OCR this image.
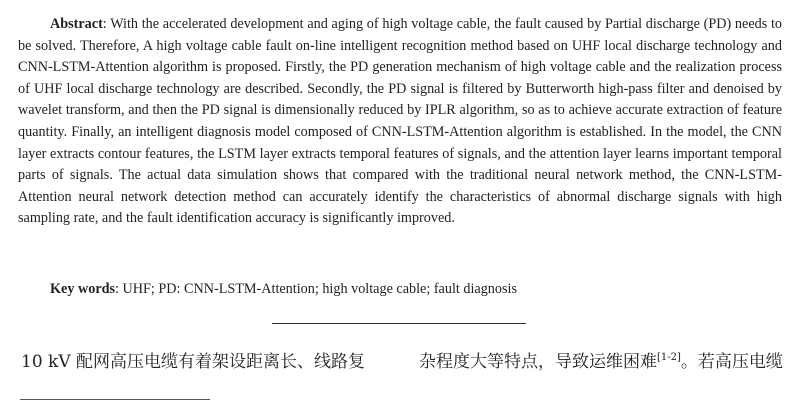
Abstract: With the accelerated development and aging of high voltage cable, the fault caused by Partial discharge (PD) needs to be solved. Therefore, A high voltage cable fault on-line intelligent recognition method based on UHF local discharge technology and CNN-LSTM-Attention algorithm is proposed. Firstly, the PD generation mechanism of high voltage cable and the realization process of UHF local discharge technology are described. Secondly, the PD signal is filtered by Butterworth high-pass filter and denoised by wavelet transform, and then the PD signal is dimensionally reduced by IPLR algorithm, so as to achieve accurate extraction of feature quantity. Finally, an intelligent diagnosis model composed of CNN-LSTM-Attention algorithm is established. In the model, the CNN layer extracts contour features, the LSTM layer extracts temporal features of signals, and the attention layer learns important temporal parts of signals. The actual data simulation shows that compared with the traditional neural network method, the CNN-LSTM-Attention neural network detection method can accurately identify the characteristics of abnormal discharge signals with high sampling rate, and the fault identification accuracy is significantly improved.
Key words: UHF; PD: CNN-LSTM-Attention; high voltage cable; fault diagnosis
10 kV 配网高压电缆有着架设距离长、线路复	杂程度大等特点，导致运维困难[1-2]。若高压电缆
